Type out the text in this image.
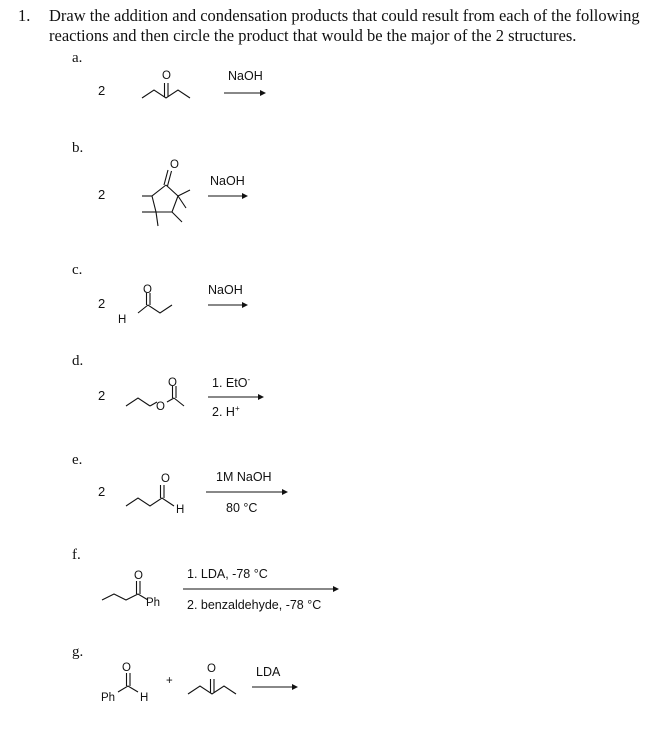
1. Draw the addition and condensation products that could result from each of the following
reactions and then circle the product that would be the major of the 2 structures.
a.
2
O	NaOH
b.
2
O
NaOH
c.
2
O
H
NaOH
d.
2
O
O
1. EtO-
2. H+
e.
2
O
H
1M NaOH
80 °C
f.
O
Ph
1. LDA, -78 °C
2. benzaldehyde, -78 °C
g.
O
Ph H
+
O	LDA
